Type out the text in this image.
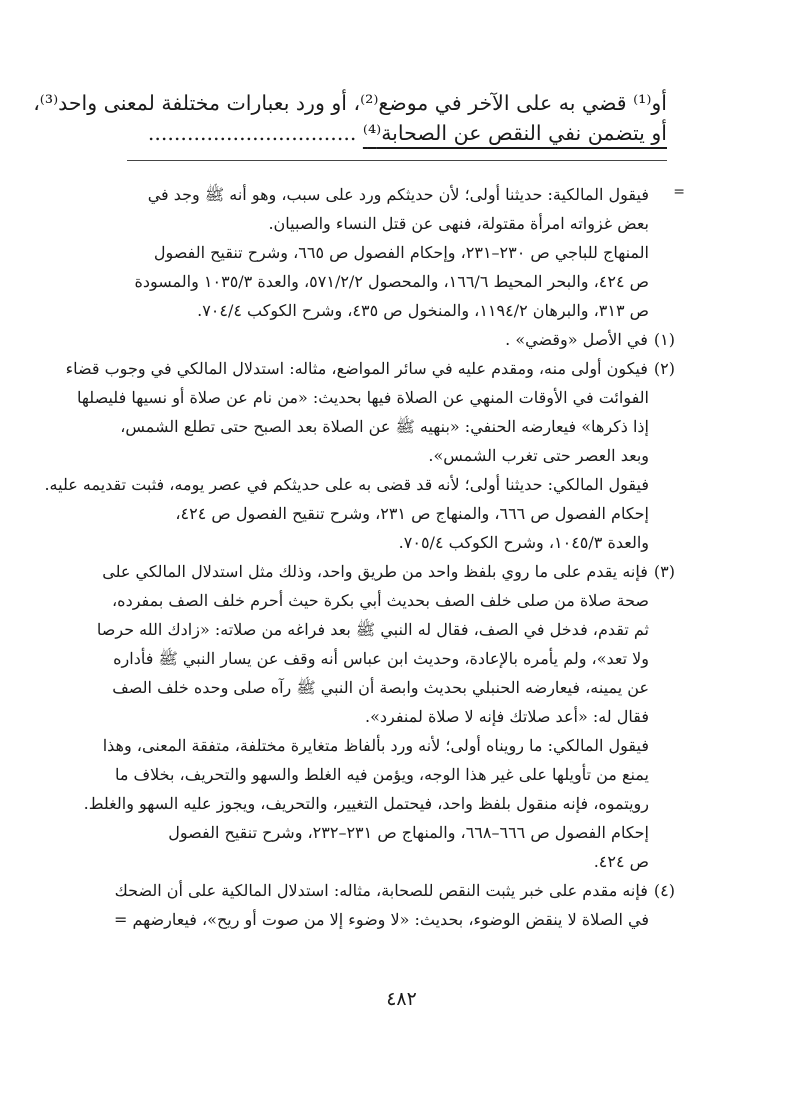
أو⁽¹⁾ قضي به على الآخر في موضع⁽²⁾، أو ورد بعبارات مختلفة لمعنى واحد⁽³⁾،
أو يتضمن نفي النقص عن الصحابة⁽⁴⁾ ................................
=
فيقول المالكية: حديثنا أولى؛ لأن حديثكم ورد على سبب، وهو أنه ﷺ وجد في
بعض غزواته امرأة مقتولة، فنهى عن قتل النساء والصبيان.
المنهاج للباجي ص ٢٣٠–٢٣١، وإحكام الفصول ص ٦٦٥، وشرح تنقيح الفصول
ص ٤٢٤، والبحر المحيط ١٦٦/٦، والمحصول ٥٧١/٢/٢، والعدة ١٠٣٥/٣ والمسودة
ص ٣١٣، والبرهان ١١٩٤/٢، والمنخول ص ٤٣٥، وشرح الكوكب ٧٠٤/٤.
(١) في الأصل «وقضي» .
(٢) فيكون أولى منه، ومقدم عليه في سائر المواضع، مثاله: استدلال المالكي في وجوب قضاء
الفوائت في الأوقات المنهي عن الصلاة فيها بحديث: «من نام عن صلاة أو نسيها فليصلها
إذا ذكرها» فيعارضه الحنفي: «بنهيه ﷺ عن الصلاة بعد الصبح حتى تطلع الشمس،
وبعد العصر حتى تغرب الشمس».
فيقول المالكي: حديثنا أولى؛ لأنه قد قضى به على حديثكم في عصر يومه، فثبت تقديمه عليه.
إحكام الفصول ص ٦٦٦، والمنهاج ص ٢٣١، وشرح تنقيح الفصول ص ٤٢٤،
والعدة ١٠٤٥/٣، وشرح الكوكب ٧٠٥/٤.
(٣) فإنه يقدم على ما روي بلفظ واحد من طريق واحد، وذلك مثل استدلال المالكي على
صحة صلاة من صلى خلف الصف بحديث أبي بكرة حيث أحرم خلف الصف بمفرده،
ثم تقدم، فدخل في الصف، فقال له النبي ﷺ بعد فراغه من صلاته: «زادك الله حرصا
ولا تعد»، ولم يأمره بالإعادة، وحديث ابن عباس أنه وقف عن يسار النبي ﷺ فأداره
عن يمينه، فيعارضه الحنبلي بحديث وابصة أن النبي ﷺ رآه صلى وحده خلف الصف
فقال له: «أعد صلاتك فإنه لا صلاة لمنفرد».
فيقول المالكي: ما رويناه أولى؛ لأنه ورد بألفاظ متغايرة مختلفة، متفقة المعنى، وهذا
يمنع من تأويلها على غير هذا الوجه، ويؤمن فيه الغلط والسهو والتحريف، بخلاف ما
رويتموه، فإنه منقول بلفظ واحد، فيحتمل التغيير، والتحريف، ويجوز عليه السهو والغلط.
إحكام الفصول ص ٦٦٦–٦٦٨، والمنهاج ص ٢٣١–٢٣٢، وشرح تنقيح الفصول
ص ٤٢٤.
(٤) فإنه مقدم على خبر يثبت النقص للصحابة، مثاله: استدلال المالكية على أن الضحك
في الصلاة لا ينقض الوضوء، بحديث: «لا وضوء إلا من صوت أو ريح»، فيعارضهم =
٤٨٢
